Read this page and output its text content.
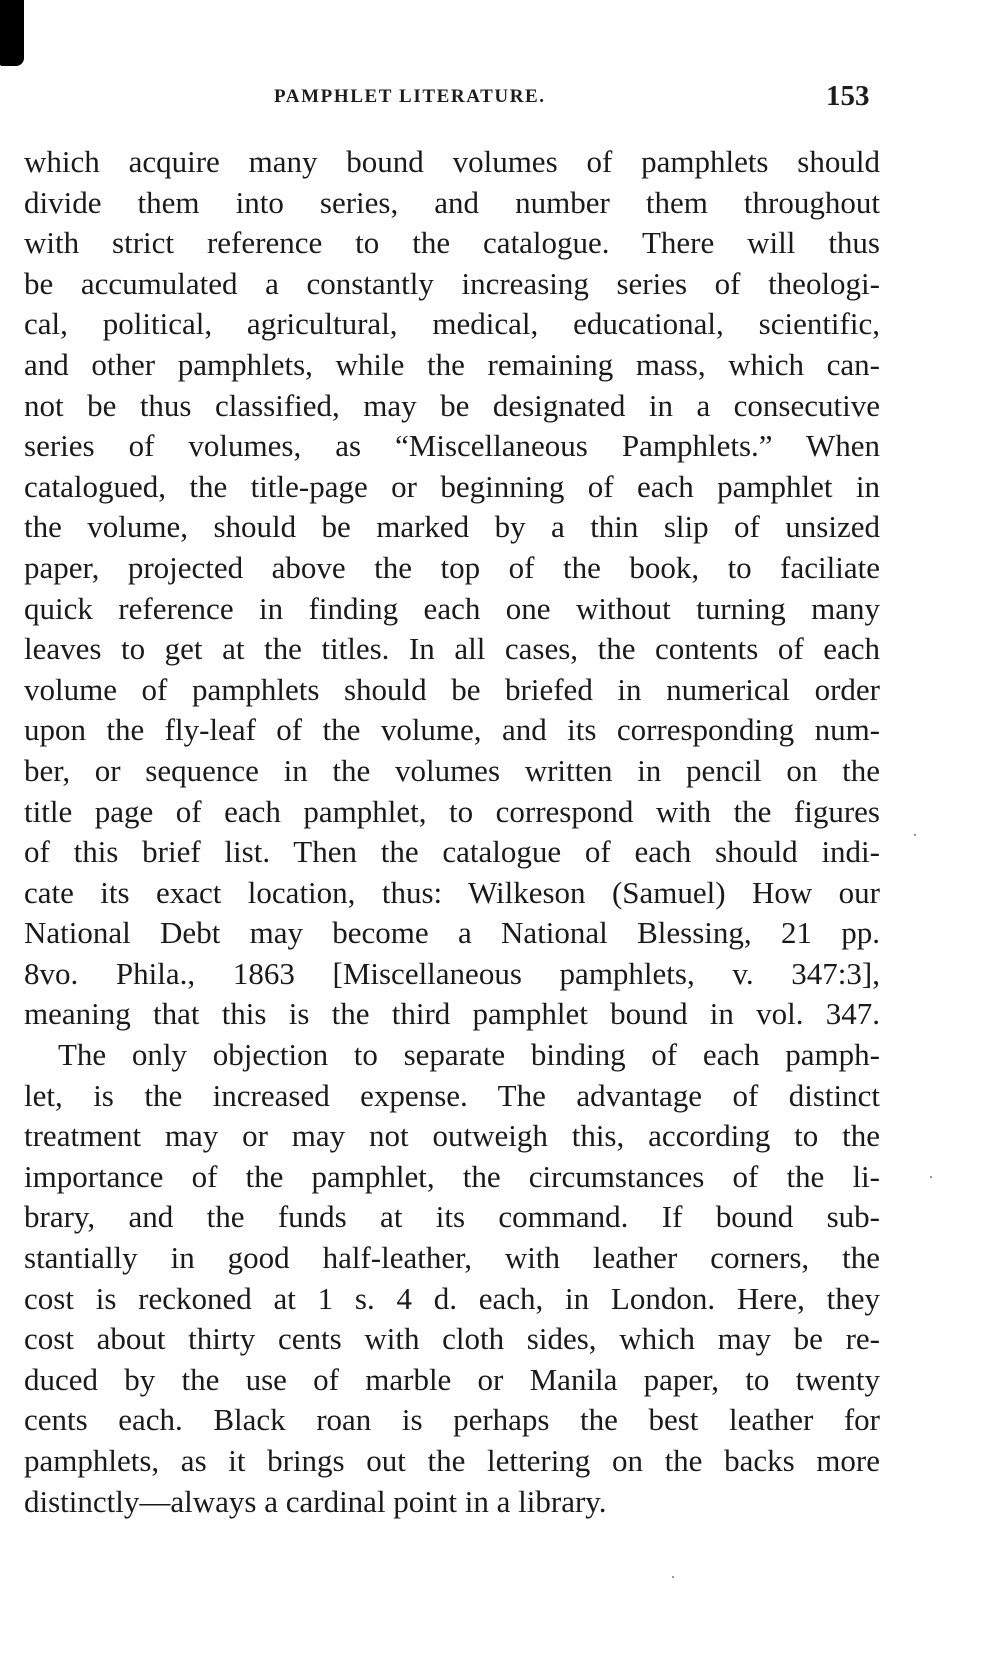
PAMPHLET LITERATURE.	153
which acquire many bound volumes of pamphlets should
divide them into series, and number them throughout
with strict reference to the catalogue. There will thus
be accumulated a constantly increasing series of theologi-
cal, political, agricultural, medical, educational, scientific,
and other pamphlets, while the remaining mass, which can-
not be thus classified, may be designated in a consecutive
series of volumes, as “Miscellaneous Pamphlets.” When
catalogued, the title-page or beginning of each pamphlet in
the volume, should be marked by a thin slip of unsized
paper, projected above the top of the book, to faciliate
quick reference in finding each one without turning many
leaves to get at the titles. In all cases, the contents of each
volume of pamphlets should be briefed in numerical order
upon the fly-leaf of the volume, and its corresponding num-
ber, or sequence in the volumes written in pencil on the
title page of each pamphlet, to correspond with the figures
of this brief list. Then the catalogue of each should indi-
cate its exact location, thus: Wilkeson (Samuel) How our
National Debt may become a National Blessing, 21 pp.
8vo. Phila., 1863 [Miscellaneous pamphlets, v. 347:3],
meaning that this is the third pamphlet bound in vol. 347.
The only objection to separate binding of each pamph-
let, is the increased expense. The advantage of distinct
treatment may or may not outweigh this, according to the
importance of the pamphlet, the circumstances of the li-
brary, and the funds at its command. If bound sub-
stantially in good half-leather, with leather corners, the
cost is reckoned at 1 s. 4 d. each, in London. Here, they
cost about thirty cents with cloth sides, which may be re-
duced by the use of marble or Manila paper, to twenty
cents each. Black roan is perhaps the best leather for
pamphlets, as it brings out the lettering on the backs more
distinctly—always a cardinal point in a library.
